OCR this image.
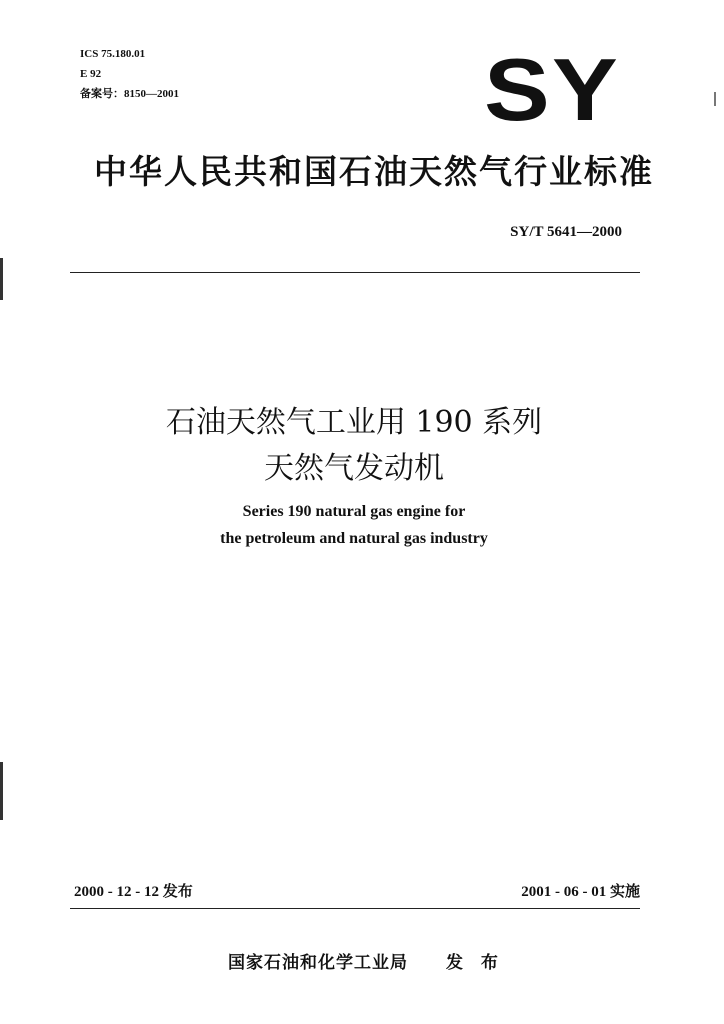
ICS 75.180.01
E 92
备案号：8150—2001	SY
中华人民共和国石油天然气行业标准
SY/T 5641—2000
石油天然气工业用 190 系列
天然气发动机
Series 190 natural gas engine for
the petroleum and natural gas industry
2000 - 12 - 12 发布	2001 - 06 - 01 实施
国家石油和化学工业局 发 布
